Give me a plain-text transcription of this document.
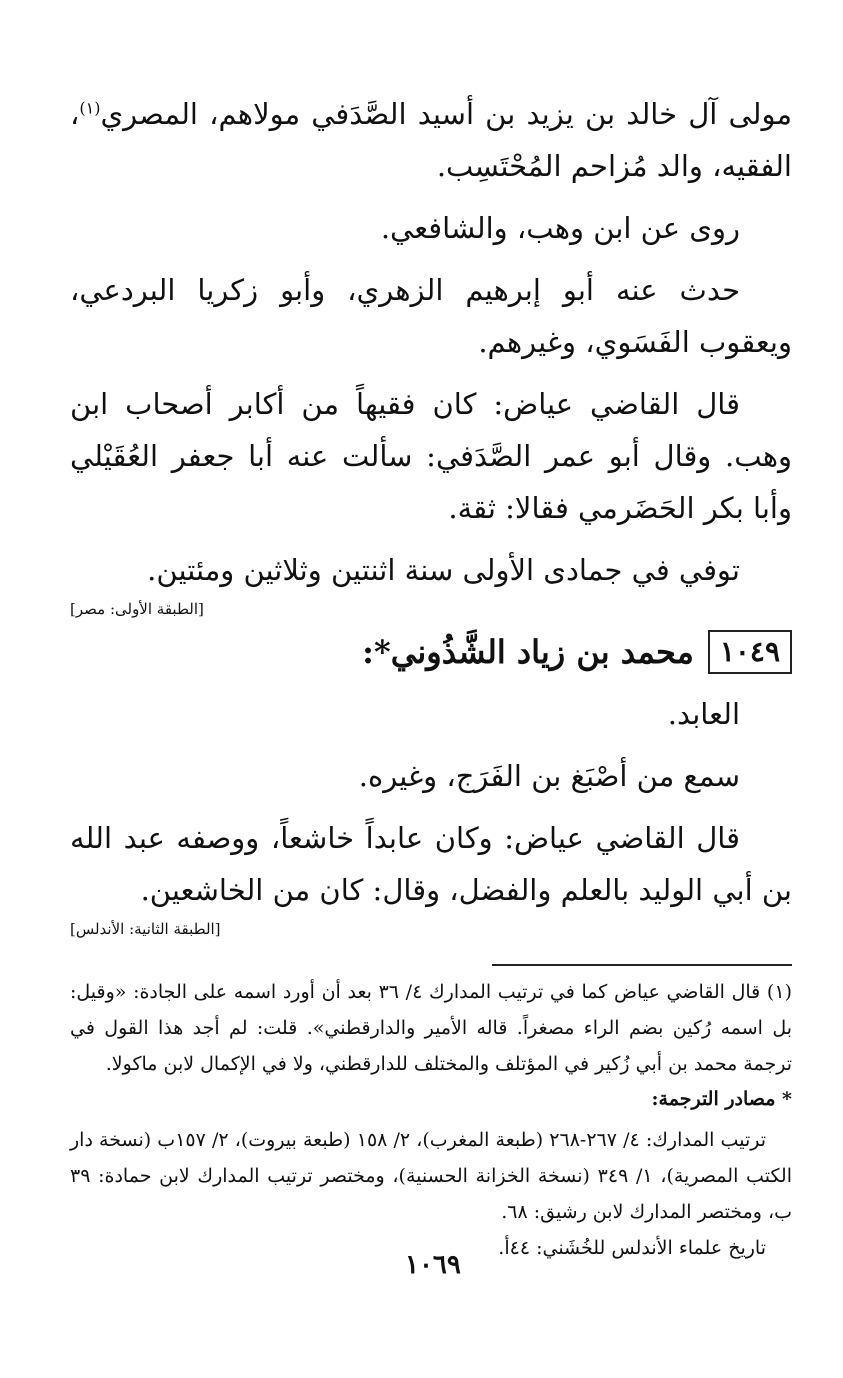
مولى آل خالد بن يزيد بن أسيد الصَّدَفي مولاهم، المصري$^{(١)}$، الفقيه، والد مُزاحم المُحْتَسِب.

روى عن ابن وهب، والشافعي.

حدث عنه أبو إبرهيم الزهري، وأبو زكريا البردعي، ويعقوب الفَسَوي، وغيرهم.

قال القاضي عياض: كان فقيهاً من أكابر أصحاب ابن وهب. وقال أبو عمر الصَّدَفي: سألت عنه أبا جعفر العُقَيْلي وأبا بكر الحَضَرمي فقالا: ثقة.

توفي في جمادى الأولى سنة اثنتين وثلاثين ومئتين.

[الطبقة الأولى: مصر]
١٠٤٩
محمد بن زياد الشَّذُوني*:

العابد.

سمع من أصْبَغ بن الفَرَج، وغيره.

قال القاضي عياض: وكان عابداً خاشعاً، ووصفه عبد الله بن أبي الوليد بالعلم والفضل، وقال: كان من الخاشعين.

[الطبقة الثانية: الأندلس]

(١) قال القاضي عياض كما في ترتيب المدارك ٤/ ٣٦ بعد أن أورد اسمه على الجادة: «وقيل: بل اسمه رُكين بضم الراء مصغراً. قاله الأمير والدارقطني». قلت: لم أجد هذا القول في ترجمة محمد بن أبي زُكير في المؤتلف والمختلف للدارقطني، ولا في الإكمال لابن ماكولا.

* مصادر الترجمة:

ترتيب المدارك: ٤/ ٢٦٧-٢٦٨ (طبعة المغرب)، ٢/ ١٥٨ (طبعة بيروت)، ٢/ ١٥٧ب (نسخة دار الكتب المصرية)، ١/ ٣٤٩ (نسخة الخزانة الحسنية)، ومختصر ترتيب المدارك لابن حمادة: ٣٩ ب، ومختصر المدارك لابن رشيق: ٦٨.

تاريخ علماء الأندلس للخُشَني: ٤٤أ.

١٠٦٩
